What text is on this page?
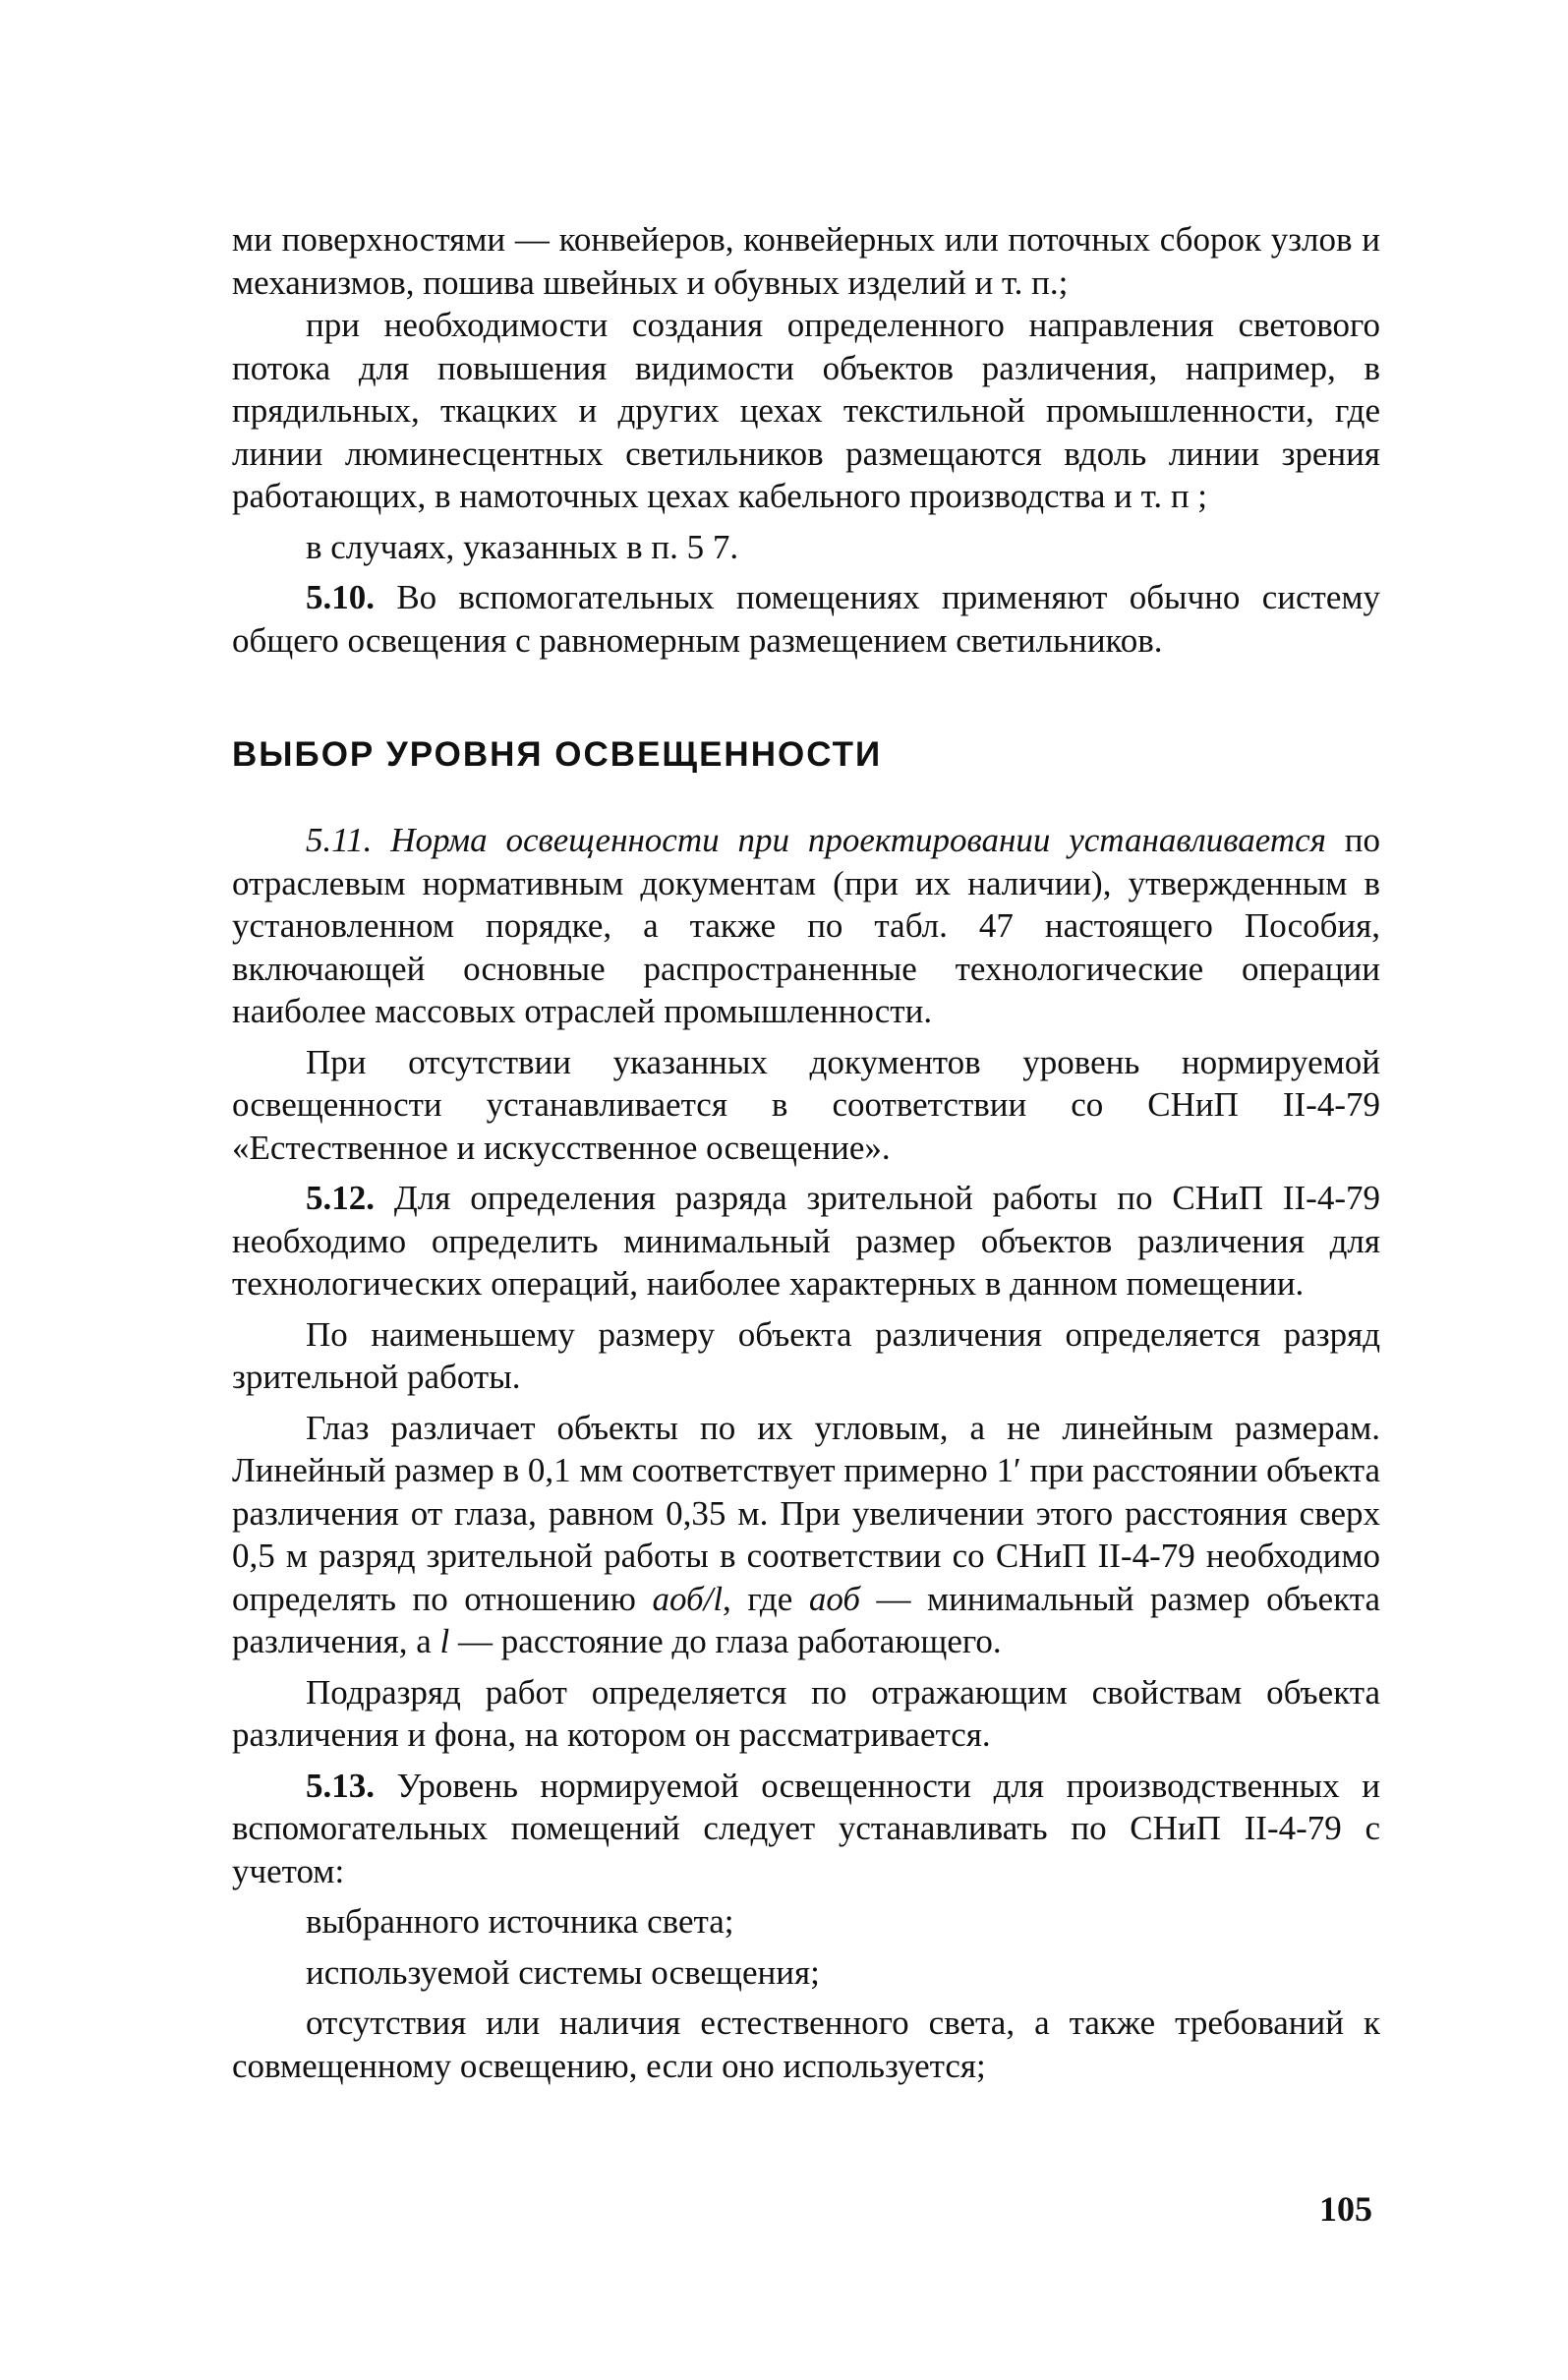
ми поверхностями — конвейеров, конвейерных или поточных сборок узлов и механизмов, пошива швейных и обувных изделий и т. п.;

при необходимости создания определенного направления светового потока для повышения видимости объектов различения, например, в прядильных, ткацких и других цехах текстильной промышленности, где линии люминесцентных светильников размещаются вдоль линии зрения работающих, в намоточных цехах кабельного производства и т. п ;

в случаях, указанных в п. 5 7.

5.10. Во вспомогательных помещениях применяют обычно систему общего освещения с равномерным размещением светильников.

ВЫБОР УРОВНЯ ОСВЕЩЕННОСТИ

5.11. Норма освещенности при проектировании устанавливается по отраслевым нормативным документам (при их наличии), утвержденным в установленном порядке, а также по табл. 47 настоящего Пособия, включающей основные распространенные технологические операции наиболее массовых отраслей промышленности.

При отсутствии указанных документов уровень нормируемой освещенности устанавливается в соответствии со СНиП II-4-79 «Естественное и искусственное освещение».

5.12. Для определения разряда зрительной работы по СНиП II-4-79 необходимо определить минимальный размер объектов различения для технологических операций, наиболее характерных в данном помещении.

По наименьшему размеру объекта различения определяется разряд зрительной работы.

Глаз различает объекты по их угловым, а не линейным размерам. Линейный размер в 0,1 мм соответствует примерно 1′ при расстоянии объекта различения от глаза, равном 0,35 м. При увеличении этого расстояния сверх 0,5 м разряд зрительной работы в соответствии со СНиП II-4-79 необходимо определять по отношению aоб/l, где aоб — минимальный размер объекта различения, а l — расстояние до глаза работающего.

Подразряд работ определяется по отражающим свойствам объекта различения и фона, на котором он рассматривается.

5.13. Уровень нормируемой освещенности для производственных и вспомогательных помещений следует устанавливать по СНиП II-4-79 с учетом:

выбранного источника света;

используемой системы освещения;

отсутствия или наличия естественного света, а также требований к совмещенному освещению, если оно используется;

105
